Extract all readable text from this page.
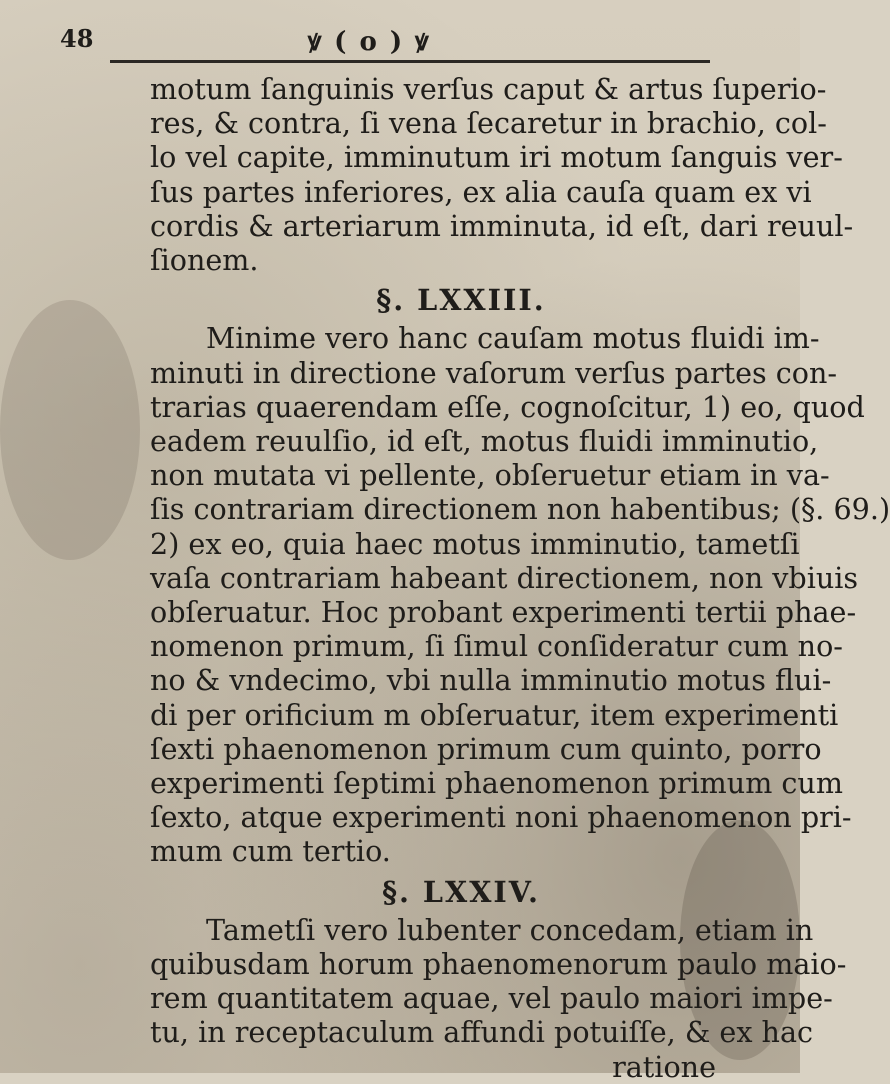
48	ꝟ ( o ) ꝟ
motum ſanguinis verſus caput & artus ſuperio-
res, & contra, ſi vena ſecaretur in brachio, col-
lo vel capite, imminutum iri motum ſanguis ver-
ſus partes inferiores, ex alia cauſa quam ex vi
cordis & arteriarum imminuta, id eſt, dari reuul-
ſionem.
§. LXXIII.
Minime vero hanc cauſam motus fluidi im-
minuti in directione vaſorum verſus partes con-
trarias quaerendam eſſe, cognoſcitur, 1) eo, quod
eadem reuulſio, id eſt, motus fluidi imminutio,
non mutata vi pellente, obſeruetur etiam in va-
ſis contrariam directionem non habentibus; (§. 69.)
2) ex eo, quia haec motus imminutio, tametſi
vaſa contrariam habeant directionem, non vbiuis
obſeruatur. Hoc probant experimenti tertii phae-
nomenon primum, ſi ſimul conſideratur cum no-
no & vndecimo, vbi nulla imminutio motus flui-
di per orificium m obſeruatur, item experimenti
ſexti phaenomenon primum cum quinto, porro
experimenti ſeptimi phaenomenon primum cum
ſexto, atque experimenti noni phaenomenon pri-
mum cum tertio.
§. LXXIV.
Tametſi vero lubenter concedam, etiam in
quibusdam horum phaenomenorum paulo maio-
rem quantitatem aquae, vel paulo maiori impe-
tu, in receptaculum affundi potuiſſe, & ex hac
ratione
